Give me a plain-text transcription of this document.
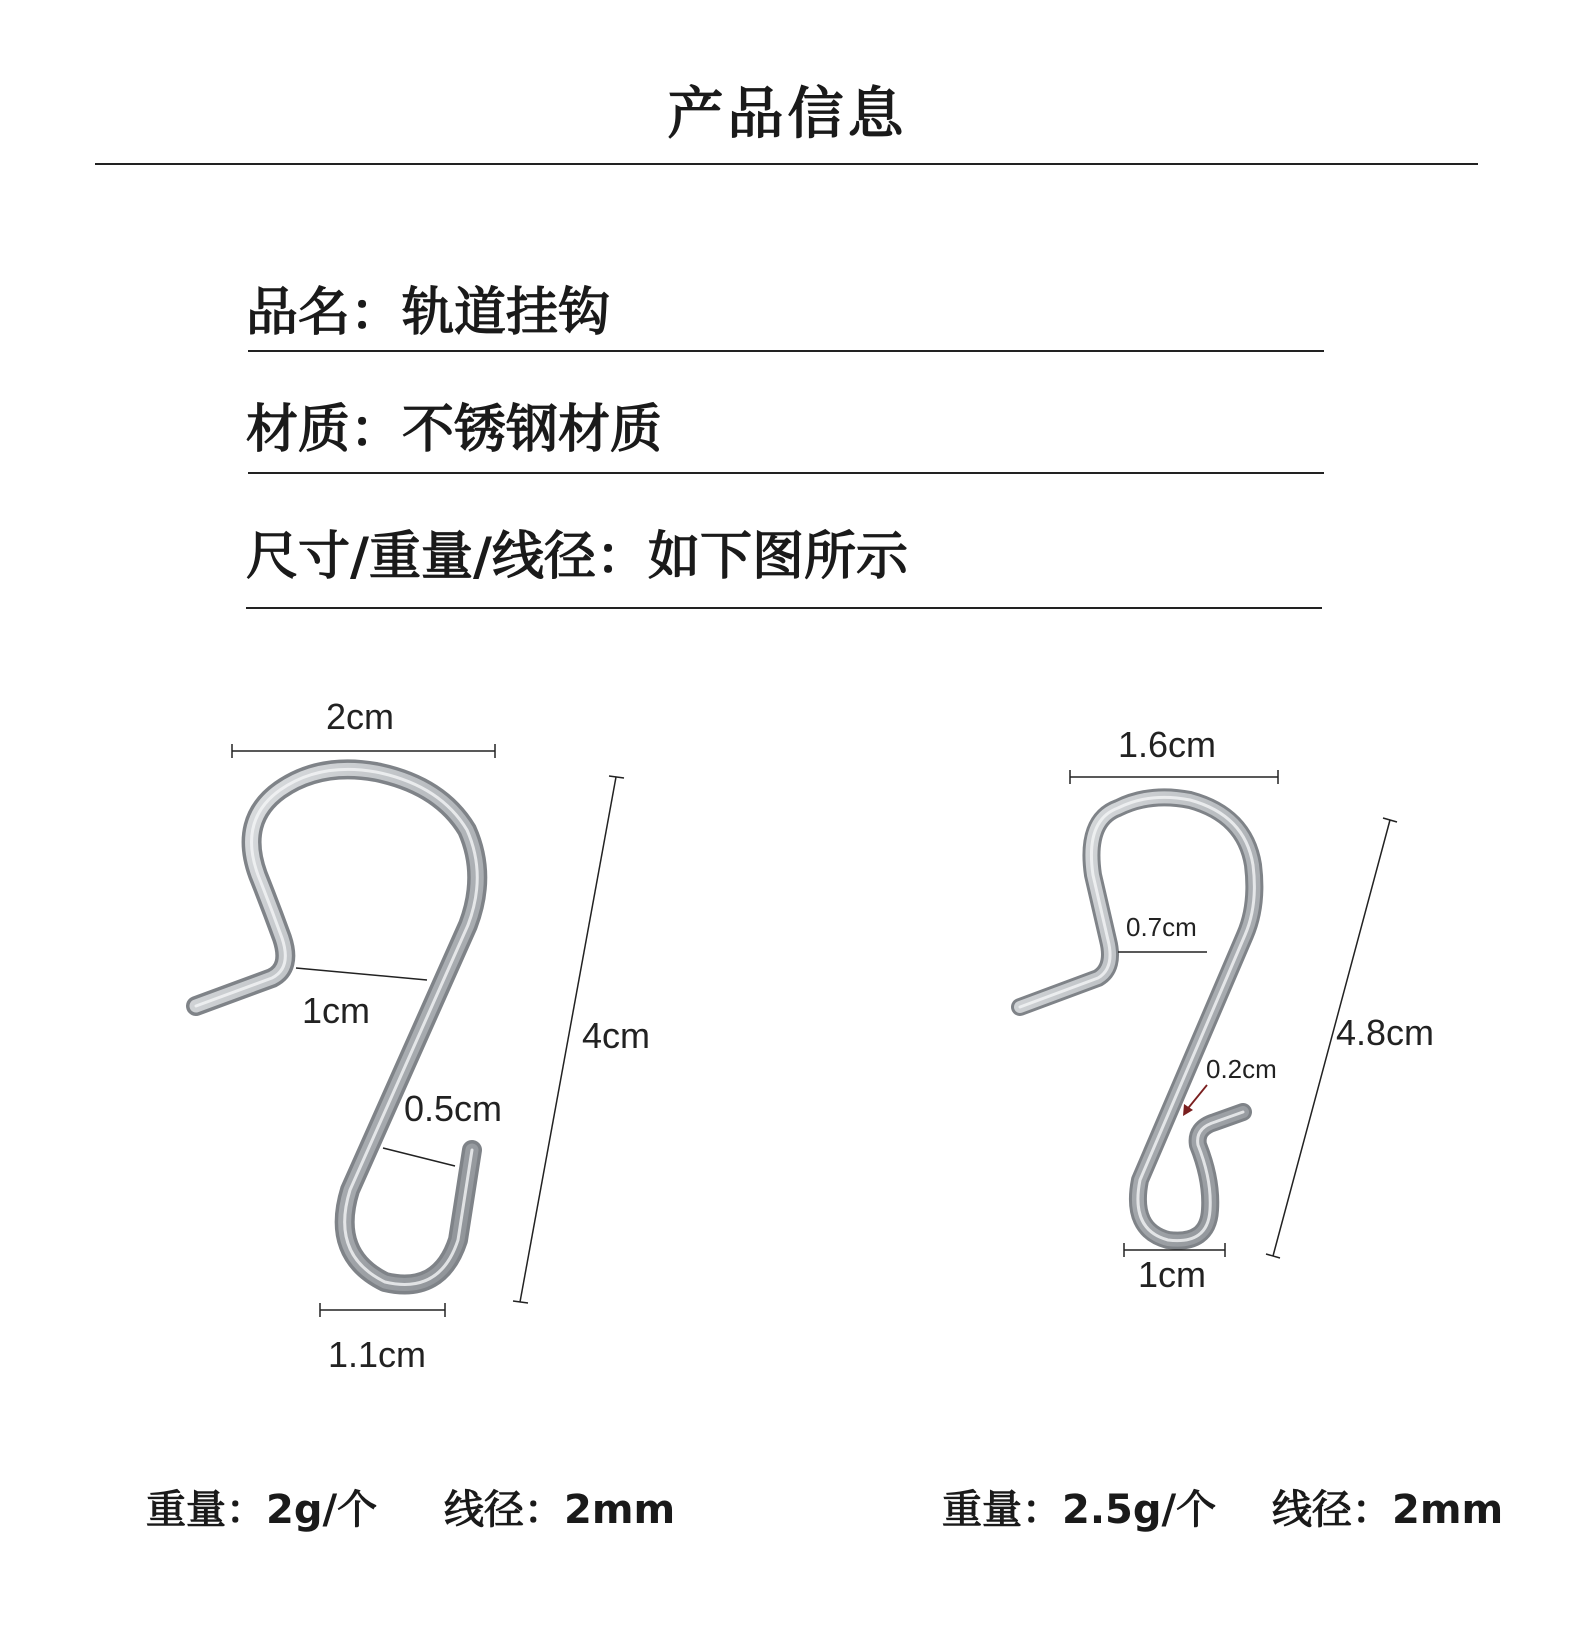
产品信息
品名：轨道挂钩
材质：不锈钢材质
尺寸/重量/线径：如下图所示
2cm
1cm
4cm
0.5cm
1.1cm
1.6cm
0.7cm
4.8cm
0.2cm
1cm
重量：2g/个 线径：2mm	重量：2.5g/个 线径：2mm
